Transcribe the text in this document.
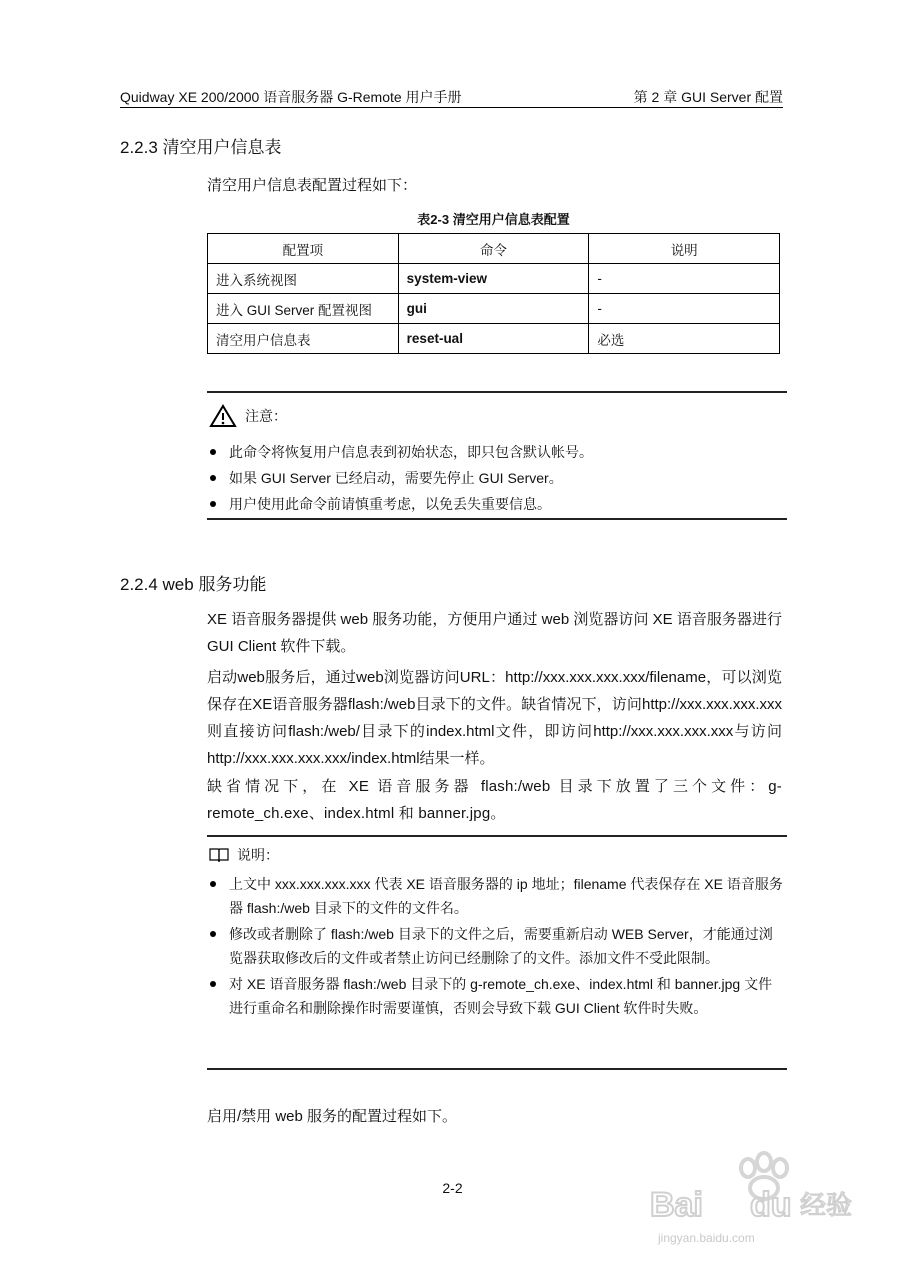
Quidway XE 200/2000 语音服务器 G-Remote 用户手册	第 2 章 GUI Server 配置
2.2.3 清空用户信息表
清空用户信息表配置过程如下：
表2-3 清空用户信息表配置
配置项	命令	说明
进入系统视图	system-view	-
进入 GUI Server 配置视图	gui	-
清空用户信息表	reset-ual	必选
注意：
此命令将恢复用户信息表到初始状态，即只包含默认帐号。
如果 GUI Server 已经启动，需要先停止 GUI Server。
用户使用此命令前请慎重考虑，以免丢失重要信息。
2.2.4 web 服务功能
XE 语音服务器提供 web 服务功能，方便用户通过 web 浏览器访问 XE 语音服务器进行 GUI Client 软件下载。
启动web服务后，通过web浏览器访问URL：http://xxx.xxx.xxx.xxx/filename，可以浏览保存在XE语音服务器flash:/web目录下的文件。缺省情况下，访问http://xxx.xxx.xxx.xxx则直接访问flash:/web/目录下的index.html文件，即访问http://xxx.xxx.xxx.xxx与访问http://xxx.xxx.xxx.xxx/index.html结果一样。
缺省情况下，在 XE 语音服务器 flash:/web 目录下放置了三个文件：g-remote_ch.exe、index.html 和 banner.jpg。
说明：
上文中 xxx.xxx.xxx.xxx 代表 XE 语音服务器的 ip 地址；filename 代表保存在 XE 语音服务器 flash:/web 目录下的文件的文件名。
修改或者删除了 flash:/web 目录下的文件之后，需要重新启动 WEB Server，才能通过浏览器获取修改后的文件或者禁止访问已经删除了的文件。添加文件不受此限制。
对 XE 语音服务器 flash:/web 目录下的 g-remote_ch.exe、index.html 和 banner.jpg 文件进行重命名和删除操作时需要谨慎，否则会导致下载 GUI Client 软件时失败。
启用/禁用 web 服务的配置过程如下。
2-2	Bai du 经验
jingyan.baidu.com
